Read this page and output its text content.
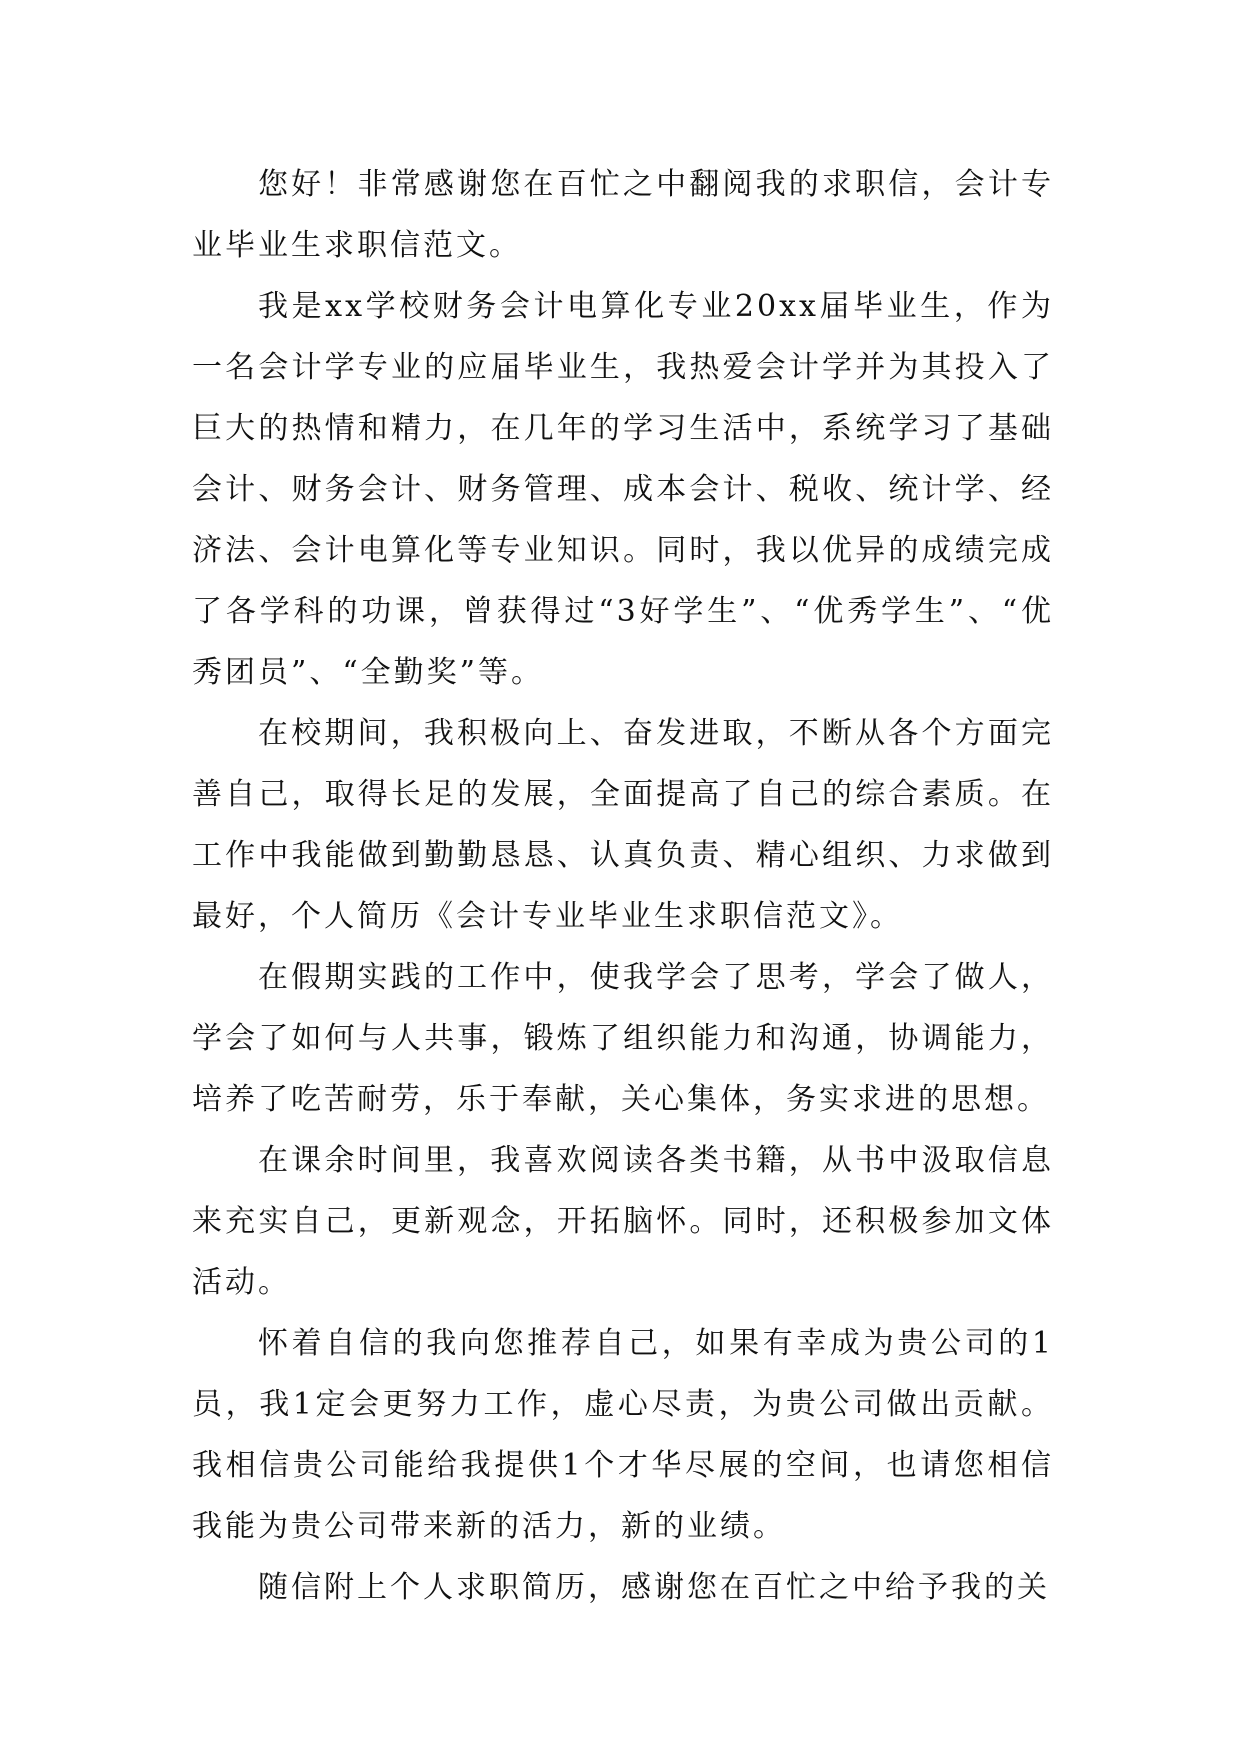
您好！非常感谢您在百忙之中翻阅我的求职信，会计专业毕业生求职信范文。

我是xx学校财务会计电算化专业20xx届毕业生，作为一名会计学专业的应届毕业生，我热爱会计学并为其投入了巨大的热情和精力，在几年的学习生活中，系统学习了基础会计、财务会计、财务管理、成本会计、税收、统计学、经济法、会计电算化等专业知识。同时，我以优异的成绩完成了各学科的功课，曾获得过“3好学生”、“优秀学生”、“优秀团员”、“全勤奖”等。

在校期间，我积极向上、奋发进取，不断从各个方面完善自己，取得长足的发展，全面提高了自己的综合素质。在工作中我能做到勤勤恳恳、认真负责、精心组织、力求做到最好，个人简历《会计专业毕业生求职信范文》。

在假期实践的工作中，使我学会了思考，学会了做人，学会了如何与人共事，锻炼了组织能力和沟通，协调能力，培养了吃苦耐劳，乐于奉献，关心集体，务实求进的思想。

在课余时间里，我喜欢阅读各类书籍，从书中汲取信息来充实自己，更新观念，开拓脑怀。同时，还积极参加文体活动。

怀着自信的我向您推荐自己，如果有幸成为贵公司的1员，我1定会更努力工作，虚心尽责，为贵公司做出贡献。我相信贵公司能给我提供1个才华尽展的空间，也请您相信我能为贵公司带来新的活力，新的业绩。

随信附上个人求职简历，感谢您在百忙之中给予我的关
